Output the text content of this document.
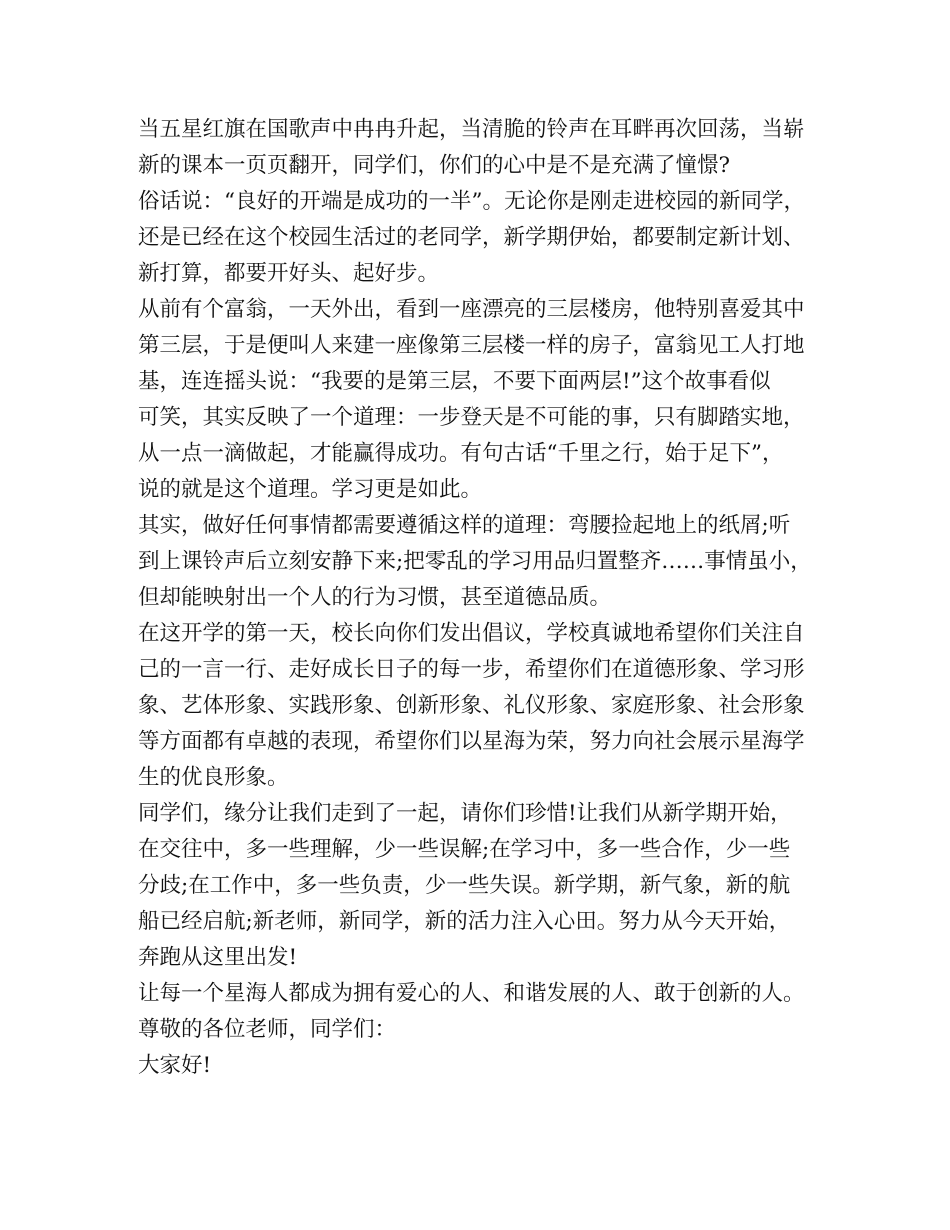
当五星红旗在国歌声中冉冉升起，当清脆的铃声在耳畔再次回荡，当崭
新的课本一页页翻开，同学们，你们的心中是不是充满了憧憬?
俗话说：“良好的开端是成功的一半”。无论你是刚走进校园的新同学，
还是已经在这个校园生活过的老同学，新学期伊始，都要制定新计划、
新打算，都要开好头、起好步。
从前有个富翁，一天外出，看到一座漂亮的三层楼房，他特别喜爱其中
第三层，于是便叫人来建一座像第三层楼一样的房子，富翁见工人打地
基，连连摇头说：“我要的是第三层，不要下面两层!”这个故事看似
可笑，其实反映了一个道理：一步登天是不可能的事，只有脚踏实地，
从一点一滴做起，才能赢得成功。有句古话“千里之行，始于足下”，
说的就是这个道理。学习更是如此。
其实，做好任何事情都需要遵循这样的道理：弯腰捡起地上的纸屑;听
到上课铃声后立刻安静下来;把零乱的学习用品归置整齐……事情虽小，
但却能映射出一个人的行为习惯，甚至道德品质。
在这开学的第一天，校长向你们发出倡议，学校真诚地希望你们关注自
己的一言一行、走好成长日子的每一步，希望你们在道德形象、学习形
象、艺体形象、实践形象、创新形象、礼仪形象、家庭形象、社会形象
等方面都有卓越的表现，希望你们以星海为荣，努力向社会展示星海学
生的优良形象。
同学们，缘分让我们走到了一起，请你们珍惜!让我们从新学期开始，
在交往中，多一些理解，少一些误解;在学习中，多一些合作，少一些
分歧;在工作中，多一些负责，少一些失误。新学期，新气象，新的航
船已经启航;新老师，新同学，新的活力注入心田。努力从今天开始，
奔跑从这里出发!
让每一个星海人都成为拥有爱心的人、和谐发展的人、敢于创新的人。
尊敬的各位老师，同学们：
大家好!
